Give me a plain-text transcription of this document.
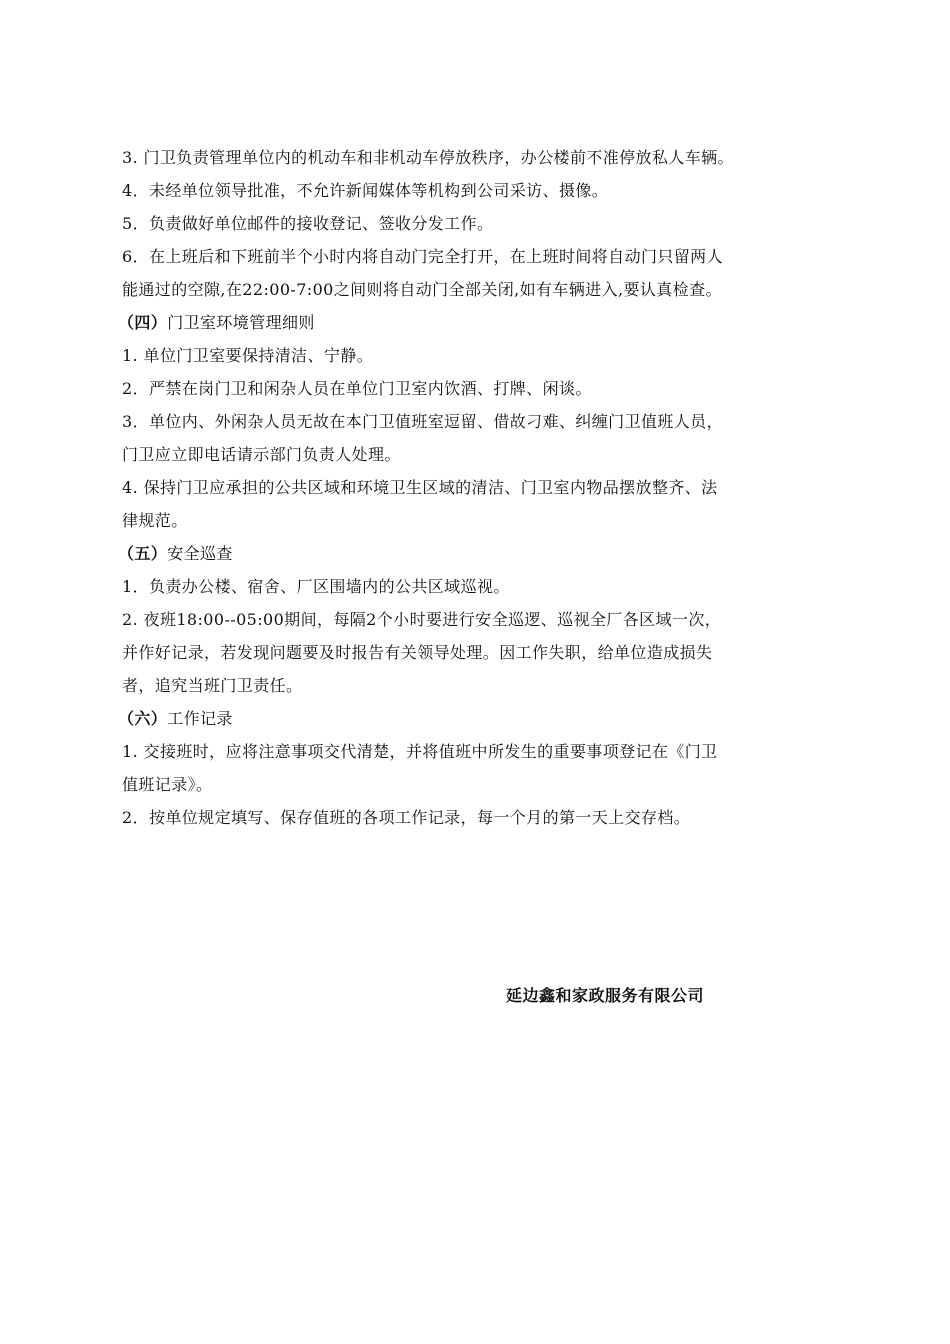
3. 门卫负责管理单位内的机动车和非机动车停放秩序，办公楼前不准停放私人车辆。
4．未经单位领导批准，不允许新闻媒体等机构到公司采访、摄像。
5．负责做好单位邮件的接收登记、签收分发工作。
6．在上班后和下班前半个小时内将自动门完全打开，在上班时间将自动门只留两人
能通过的空隙,在22:00-7:00之间则将自动门全部关闭,如有车辆进入,要认真检查。
（四）门卫室环境管理细则
1. 单位门卫室要保持清洁、宁静。
2．严禁在岗门卫和闲杂人员在单位门卫室内饮酒、打牌、闲谈。
3．单位内、外闲杂人员无故在本门卫值班室逗留、借故刁难、纠缠门卫值班人员，
门卫应立即电话请示部门负责人处理。
4. 保持门卫应承担的公共区域和环境卫生区域的清洁、门卫室内物品摆放整齐、法
律规范。
（五）安全巡查
1．负责办公楼、宿舍、厂区围墙内的公共区域巡视。
2. 夜班18:00--05:00期间，每隔2个小时要进行安全巡逻、巡视全厂各区域一次，
并作好记录，若发现问题要及时报告有关领导处理。因工作失职，给单位造成损失
者，追究当班门卫责任。
（六）工作记录
1. 交接班时，应将注意事项交代清楚，并将值班中所发生的重要事项登记在《门卫
值班记录》。
2．按单位规定填写、保存值班的各项工作记录，每一个月的第一天上交存档。
延边鑫和家政服务有限公司
